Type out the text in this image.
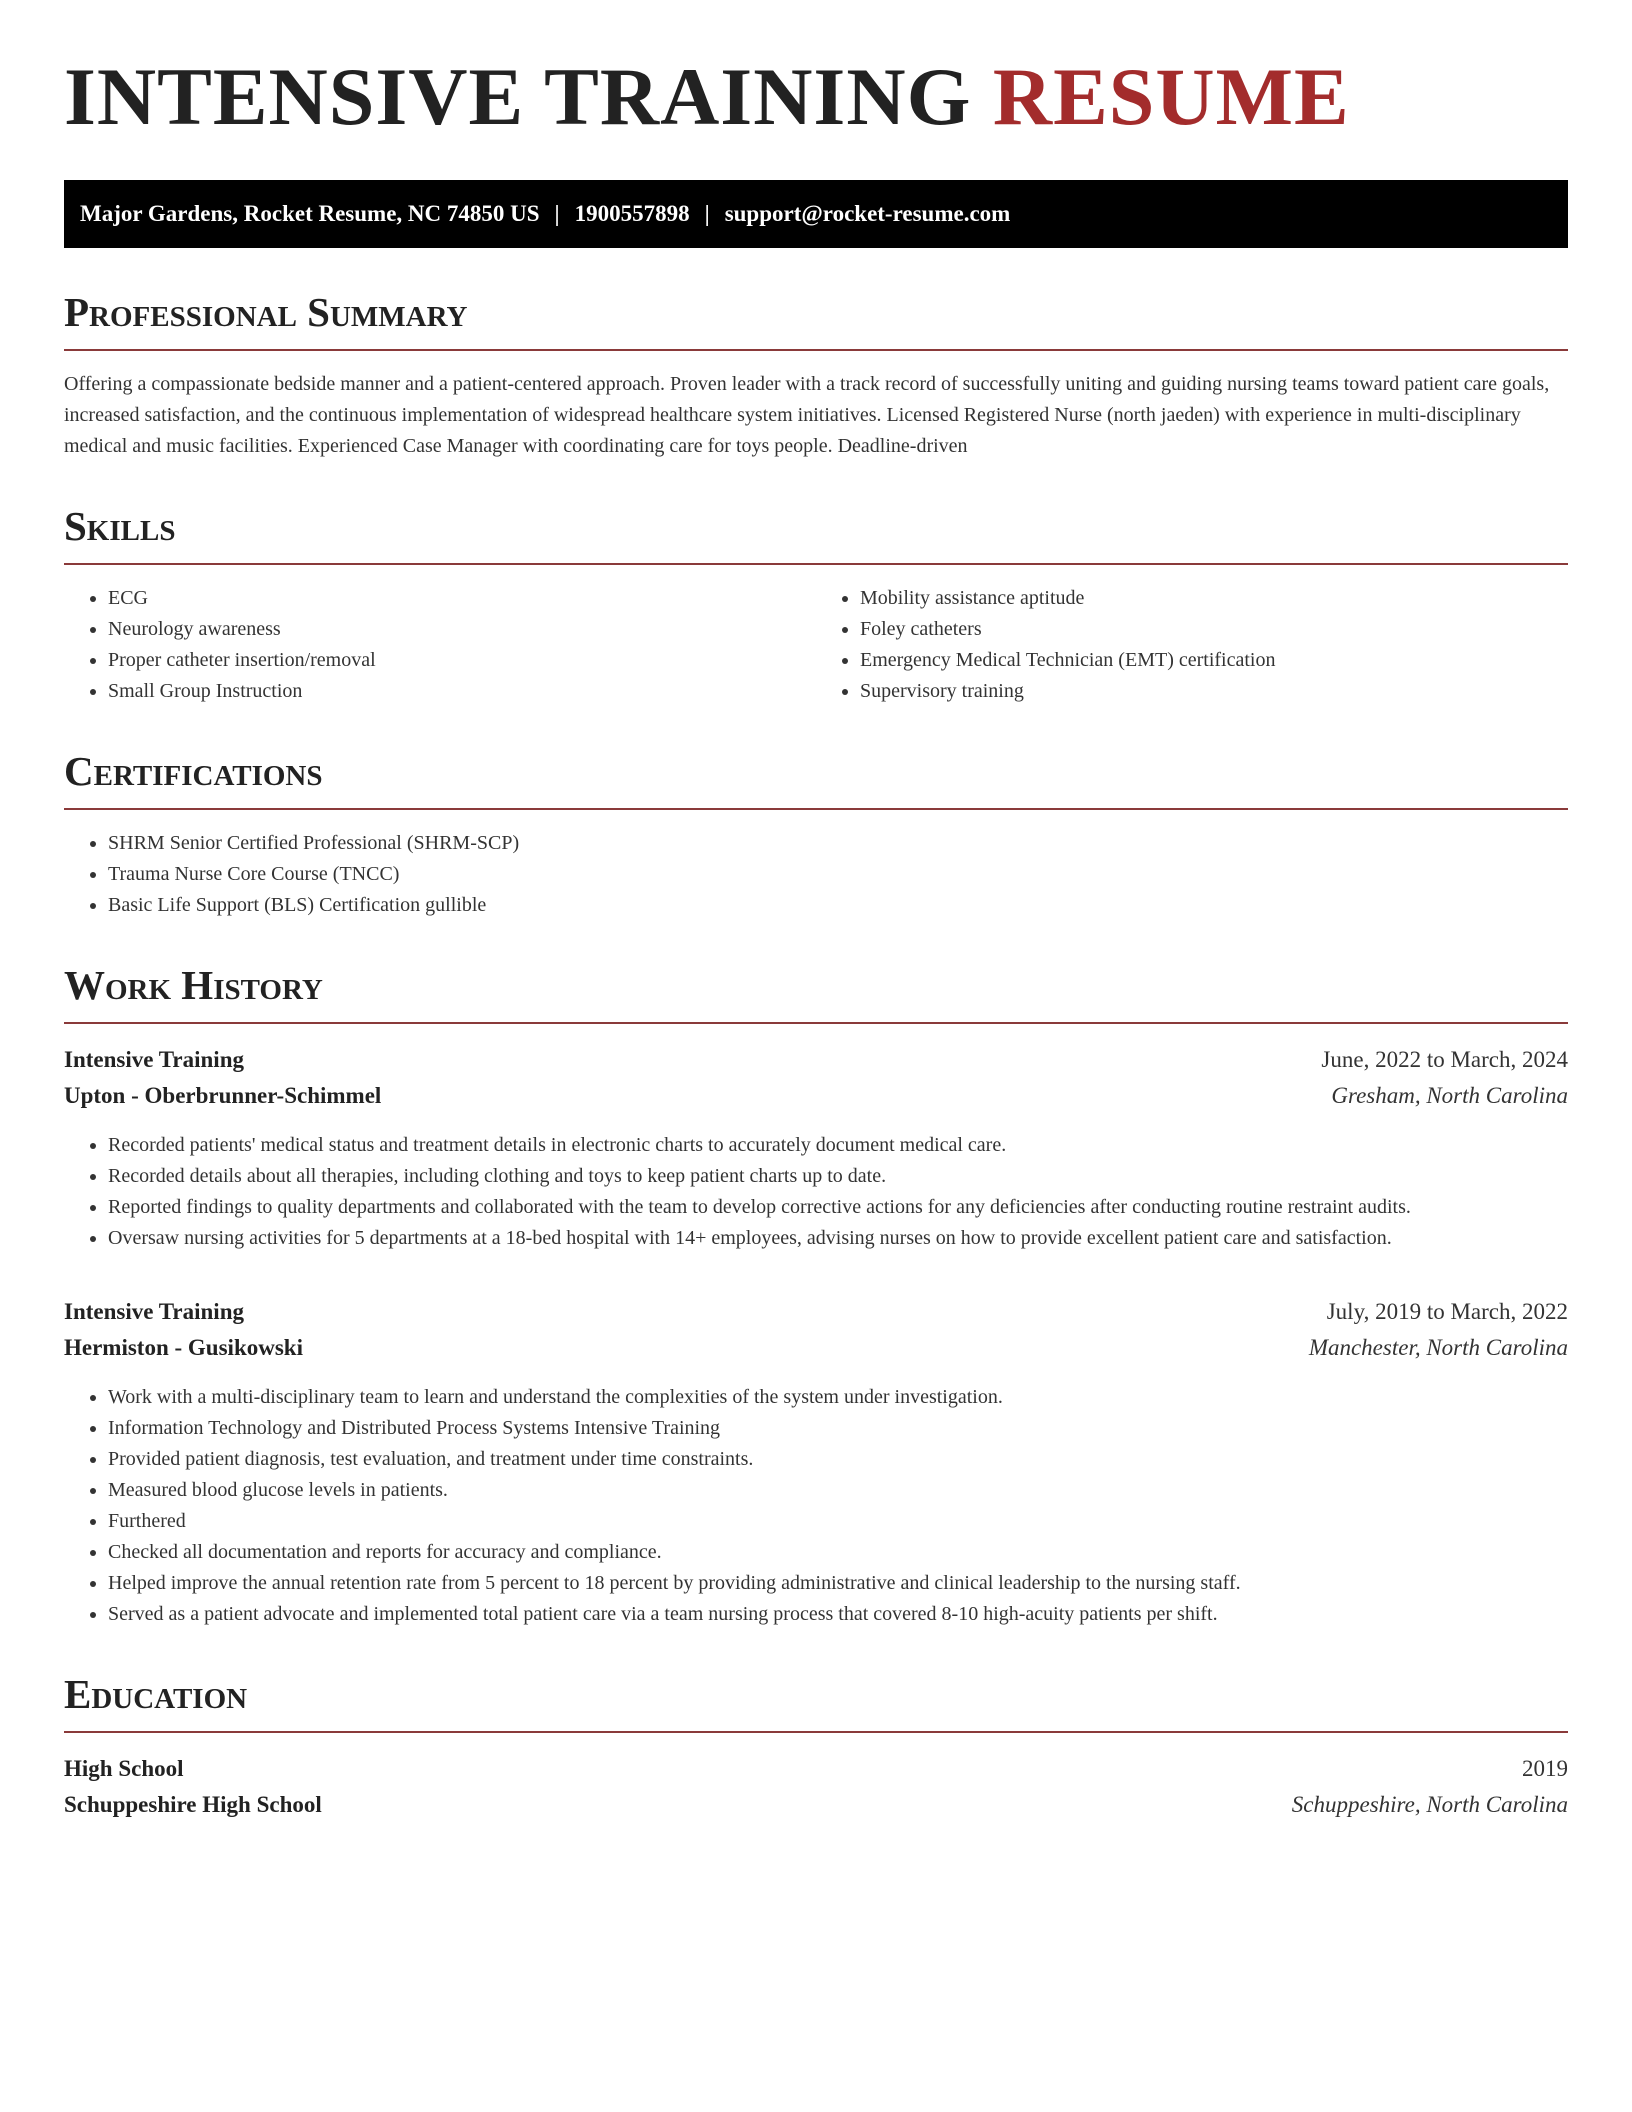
INTENSIVE TRAINING RESUME
Major Gardens, Rocket Resume, NC 74850 US | 1900557898 | support@rocket-resume.com
Professional Summary

Offering a compassionate bedside manner and a patient-centered approach. Proven leader with a track record of successfully uniting and guiding nursing teams toward patient care goals, increased satisfaction, and the continuous implementation of widespread healthcare system initiatives. Licensed Registered Nurse (north jaeden) with experience in multi-disciplinary medical and music facilities. Experienced Case Manager with coordinating care for toys people. Deadline-driven

Skills
• ECG
• Neurology awareness
• Proper catheter insertion/removal
• Small Group Instruction
• Mobility assistance aptitude
• Foley catheters
• Emergency Medical Technician (EMT) certification
• Supervisory training
Certifications
• SHRM Senior Certified Professional (SHRM-SCP)
• Trauma Nurse Core Course (TNCC)
• Basic Life Support (BLS) Certification gullible
Work History
Intensive Training	June, 2022 to March, 2024
Upton - Oberbrunner-Schimmel	Gresham, North Carolina
• Recorded patients' medical status and treatment details in electronic charts to accurately document medical care.
• Recorded details about all therapies, including clothing and toys to keep patient charts up to date.
• Reported findings to quality departments and collaborated with the team to develop corrective actions for any deficiencies after conducting routine restraint audits.
• Oversaw nursing activities for 5 departments at a 18-bed hospital with 14+ employees, advising nurses on how to provide excellent patient care and satisfaction.
Intensive Training	July, 2019 to March, 2022
Hermiston - Gusikowski	Manchester, North Carolina
• Work with a multi-disciplinary team to learn and understand the complexities of the system under investigation.
• Information Technology and Distributed Process Systems Intensive Training
• Provided patient diagnosis, test evaluation, and treatment under time constraints.
• Measured blood glucose levels in patients.
• Furthered
• Checked all documentation and reports for accuracy and compliance.
• Helped improve the annual retention rate from 5 percent to 18 percent by providing administrative and clinical leadership to the nursing staff.
• Served as a patient advocate and implemented total patient care via a team nursing process that covered 8-10 high-acuity patients per shift.
Education
High School	2019
Schuppeshire High School	Schuppeshire, North Carolina
